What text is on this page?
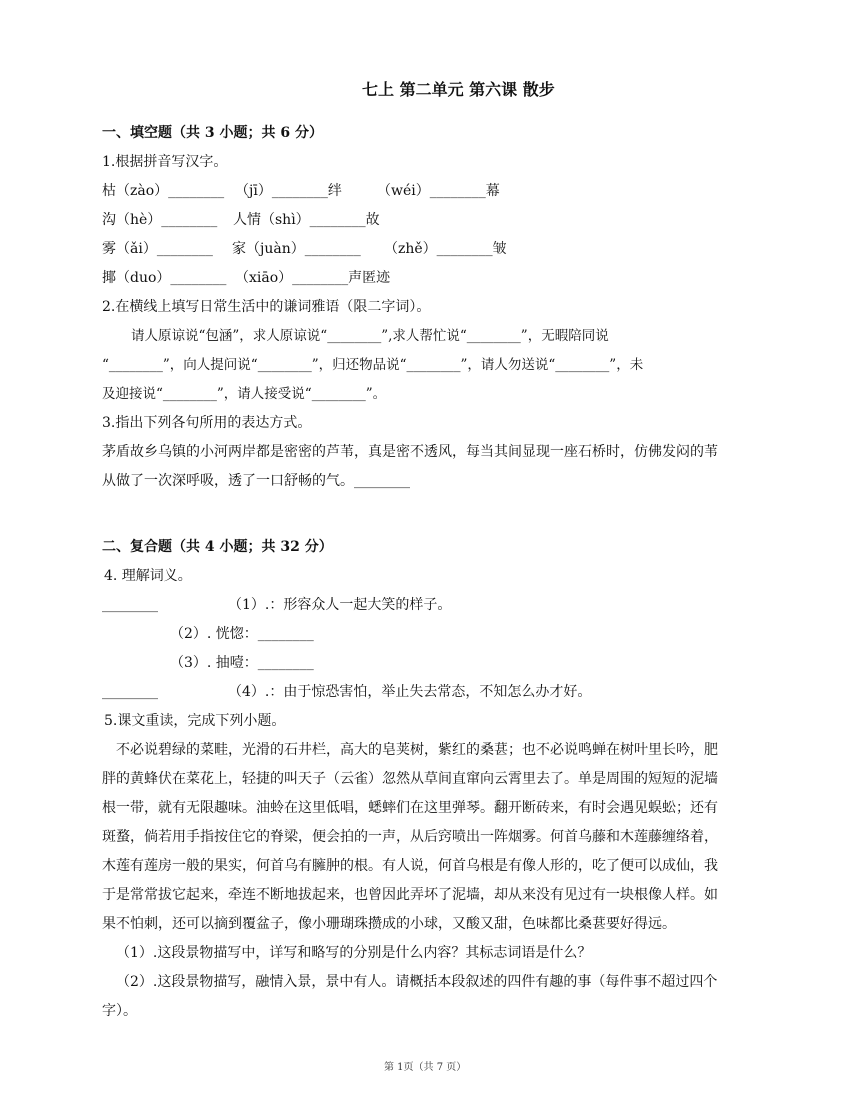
七上 第二单元 第六课 散步
一、填空题（共 3 小题；共 6 分）
1.根据拼音写汉字。
枯（zào）________ （jī）________绊	（wéi）________幕
沟（hè）________ 人情（shì）________故
雾（ǎi）________ 家（juàn）________ （zhě）________皱
揶（duo）________ （xiāo）________声匿迹
2.在横线上填写日常生活中的谦词雅语（限二字词）。
请人原谅说“包涵”，求人原谅说“________”,求人帮忙说“________”，无暇陪同说
“________”，向人提问说“________”，归还物品说“________”，请人勿送说“________”，未
及迎接说“________”，请人接受说“________”。
3.指出下列各句所用的表达方式。
茅盾故乡乌镇的小河两岸都是密密的芦苇，真是密不透风，每当其间显现一座石桥时，仿佛发闷的苇
从做了一次深呼吸，透了一口舒畅的气。________
二、复合题（共 4 小题；共 32 分）
4. 理解词义。
________	（1）.：形容众人一起大笑的样子。
（2）. 恍惚：________
（3）. 抽噎：________
________	（4）.：由于惊恐害怕，举止失去常态，不知怎么办才好。
5.课文重读，完成下列小题。
不必说碧绿的菜畦，光滑的石井栏，高大的皂荚树，紫红的桑葚；也不必说鸣蝉在树叶里长吟，肥
胖的黄蜂伏在菜花上，轻捷的叫天子（云雀）忽然从草间直窜向云霄里去了。单是周围的短短的泥墙
根一带，就有无限趣味。油蛉在这里低唱，蟋蟀们在这里弹琴。翻开断砖来，有时会遇见蜈蚣；还有
斑蝥，倘若用手指按住它的脊梁，便会拍的一声，从后窍喷出一阵烟雾。何首乌藤和木莲藤缠络着，
木莲有莲房一般的果实，何首乌有臃肿的根。有人说，何首乌根是有像人形的，吃了便可以成仙，我
于是常常拔它起来，牵连不断地拔起来，也曾因此弄坏了泥墙，却从来没有见过有一块根像人样。如
果不怕刺，还可以摘到覆盆子，像小珊瑚珠攒成的小球，又酸又甜，色味都比桑葚要好得远。
（1）.这段景物描写中，详写和略写的分别是什么内容？其标志词语是什么？
（2）.这段景物描写，融情入景，景中有人。请概括本段叙述的四件有趣的事（每件事不超过四个
字）。
第 1页（共 7 页）
